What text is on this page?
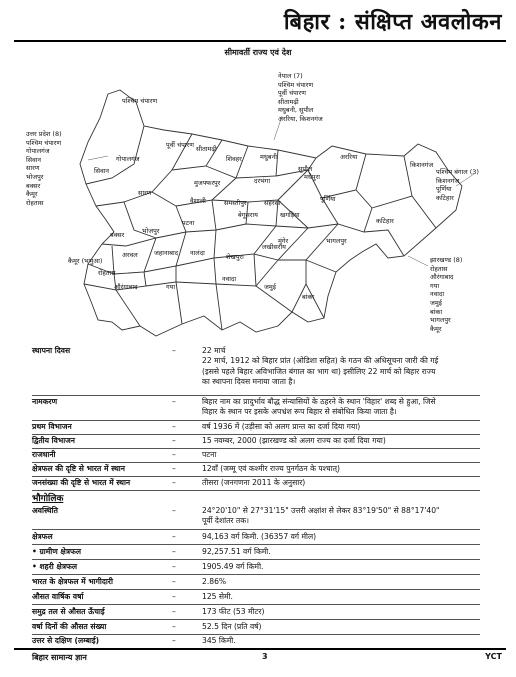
बिहार : संक्षिप्त अवलोकन
सीमावर्ती राज्य एवं देश
पश्चिम चंपारण
पूर्वी चंपारण
गोपालगंज
सिवान
सीतामढ़ी
शिवहर	मधुबनी
सुपौल
अररिया
किशनगंज
मुजफ्फरपुर	दरभंगा
सारण
वैशाली	समस्तीपुर	सहरसा	पूर्णिया
मधेपुरा
कटिहार
बक्सर	भोजपुर
पटना
बेगूसराय	खगड़िया
भागलपुर
कैमूर (भभुआ)
रोहतास
अरवल	जहानाबाद नालंदा	शेखपुरा
लखीसराय
मुंगेर
औरंगाबाद	गया
नवादा
जमुई
बांका
उत्तर प्रदेश (8)
पश्चिम चंपारण
गोपालगंज
सिवान
सारण
भोजपुर
बक्सर
कैमूर
रोहतास
नेपाल (7)
पश्चिम चंपारण
पूर्वी चंपारण
सीतामढ़ी
मधुबनी, सुपौल
अररिया, किशनगंज
पश्चिम बंगाल (3)
किशनगंज
पूर्णिया
कटिहार
झारखण्ड (8)
रोहतास
औरंगाबाद
गया
नवादा
जमुई
बांका
भागलपुर
कैमूर
स्थापना दिवस	–	22 मार्च
22 मार्च, 1912 को बिहार प्रांत (ओडिशा सहित) के गठन की अधिसूचना जारी की गई
(इससे पहले बिहार अविभाजित बंगाल का भाग था) इसीलिए 22 मार्च को बिहार राज्य
का स्थापना दिवस मनाया जाता है।
नामकरण	–	बिहार नाम का प्रादुर्भाव बौद्ध संन्यासियों के ठहरने के स्थान 'विहार' शब्द से हुआ, जिसे
विहार के स्थान पर इसके अपभ्रंश रूप बिहार से संबोधित किया जाता है।
प्रथम विभाजन	–	वर्ष 1936 में (उड़ीसा को अलग प्रान्त का दर्जा दिया गया)
द्वितीय विभाजन	–	15 नवम्बर, 2000 (झारखण्ड को अलग राज्य का दर्जा दिया गया)
राजधानी	–	पटना
क्षेत्रफल की दृष्टि से भारत में स्थान	–	12वाँ (जम्मू एवं कश्मीर राज्य पुनर्गठन के पश्चात्)
जनसंख्या की दृष्टि से भारत में स्थान	–	तीसरा (जनगणना 2011 के अनुसार)
भौगोलिक
अवस्थिति	–	24°20'10" से 27°31'15" उत्तरी अक्षांश से लेकर 83°19'50" से 88°17'40"
पूर्वी देशांतर तक।
क्षेत्रफल	–	94,163 वर्ग किमी. (36357 वर्ग मील)
• ग्रामीण क्षेत्रफल	–	92,257.51 वर्ग किमी.
• शहरी क्षेत्रफल	–	1905.49 वर्ग किमी.
भारत के क्षेत्रफल में भागीदारी	–	2.86%
औसत वार्षिक वर्षा	–	125 सेमी.
समुद्र तल से औसत ऊँचाई	–	173 फीट (53 मीटर)
वर्षा दिनों की औसत संख्या	–	52.5 दिन (प्रति वर्ष)
उत्तर से दक्षिण (लम्बाई)	–	345 किमी.
बिहार सामान्य ज्ञान	3	YCT
